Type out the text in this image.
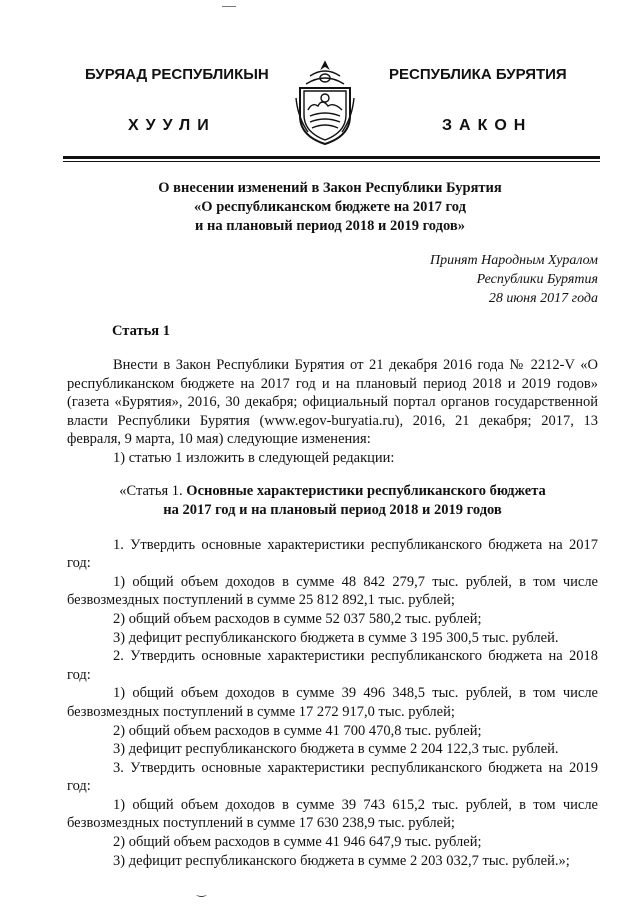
БУРЯАД РЕСПУБЛИКЫН	РЕСПУБЛИКА БУРЯТИЯ
ХУУЛИ	ЗАКОН
О внесении изменений в Закон Республики Бурятия
«О республиканском бюджете на 2017 год
и на плановый период 2018 и 2019 годов»
Принят Народным Хуралом
Республики Бурятия
28 июня 2017 года
Статья 1

Внести в Закон Республики Бурятия от 21 декабря 2016 года № 2212-V «О республиканском бюджете на 2017 год и на плановый период 2018 и 2019 годов» (газета «Бурятия», 2016, 30 декабря; официальный портал органов государственной власти Республики Бурятия (www.egov-buryatia.ru), 2016, 21 декабря; 2017, 13 февраля, 9 марта, 10 мая) следующие изменения:

1) статью 1 изложить в следующей редакции:

«Статья 1. Основные характеристики республиканского бюджета
на 2017 год и на плановый период 2018 и 2019 годов

1. Утвердить основные характеристики республиканского бюджета на 2017 год:

1) общий объем доходов в сумме 48 842 279,7 тыс. рублей, в том числе безвозмездных поступлений в сумме 25 812 892,1 тыс. рублей;

2) общий объем расходов в сумме 52 037 580,2 тыс. рублей;

3) дефицит республиканского бюджета в сумме 3 195 300,5 тыс. рублей.

2. Утвердить основные характеристики республиканского бюджета на 2018 год:

1) общий объем доходов в сумме 39 496 348,5 тыс. рублей, в том числе безвозмездных поступлений в сумме 17 272 917,0 тыс. рублей;

2) общий объем расходов в сумме 41 700 470,8 тыс. рублей;

3) дефицит республиканского бюджета в сумме 2 204 122,3 тыс. рублей.

3. Утвердить основные характеристики республиканского бюджета на 2019 год:

1) общий объем доходов в сумме 39 743 615,2 тыс. рублей, в том числе безвозмездных поступлений в сумме 17 630 238,9 тыс. рублей;

2) общий объем расходов в сумме 41 946 647,9 тыс. рублей;

3) дефицит республиканского бюджета в сумме 2 203 032,7 тыс. рублей.»;

‿
